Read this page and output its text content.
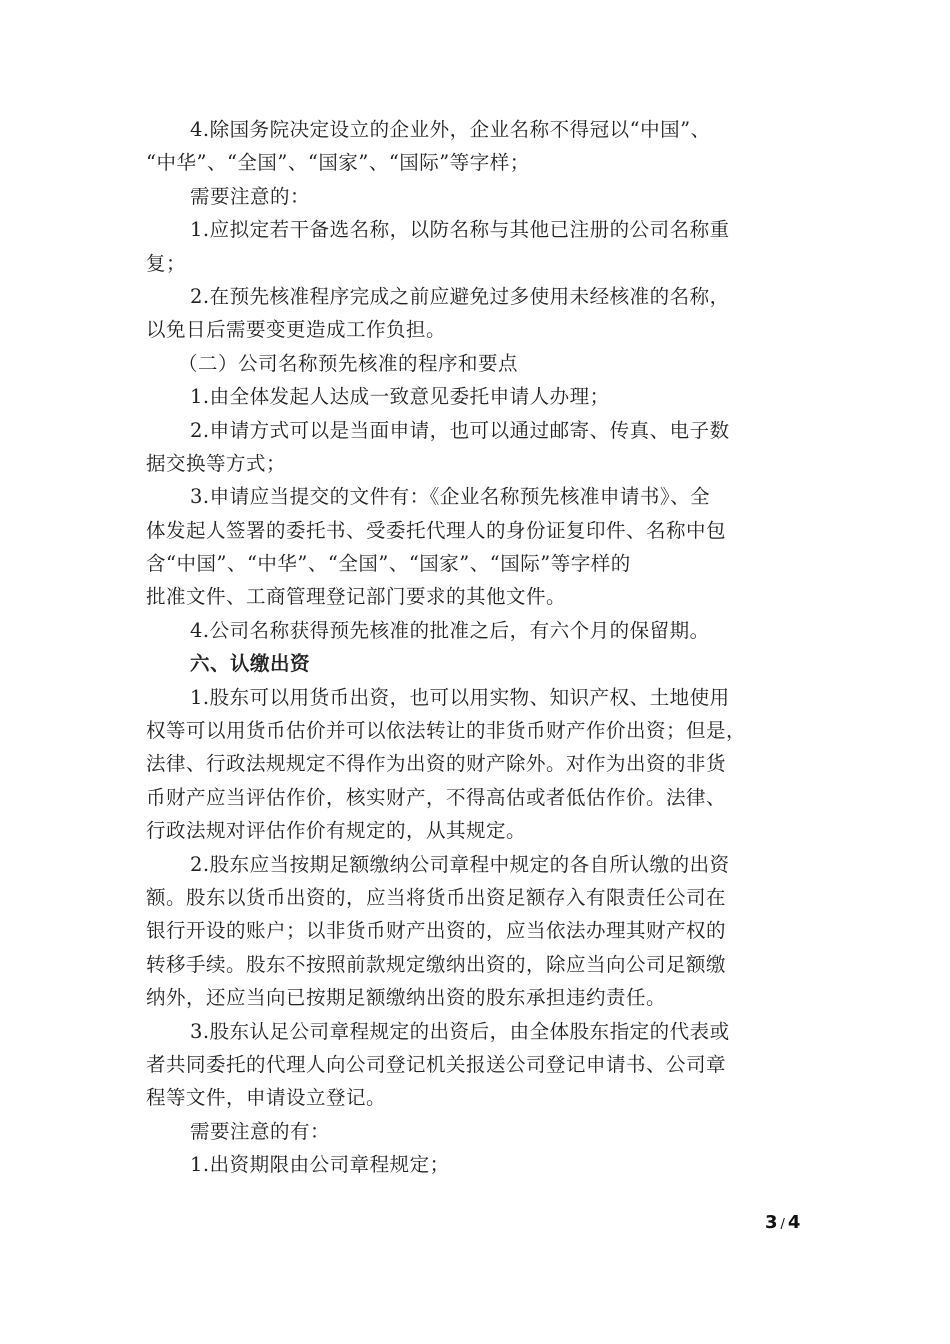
4.除国务院决定设立的企业外，企业名称不得冠以“中国”、
“中华”、“全国”、“国家”、“国际”等字样；
需要注意的：
1.应拟定若干备选名称，以防名称与其他已注册的公司名称重
复；
2.在预先核准程序完成之前应避免过多使用未经核准的名称，
以免日后需要变更造成工作负担。
（二）公司名称预先核准的程序和要点
1.由全体发起人达成一致意见委托申请人办理；
2.申请方式可以是当面申请，也可以通过邮寄、传真、电子数
据交换等方式；
3.申请应当提交的文件有：《企业名称预先核准申请书》、全
体发起人签署的委托书、受委托代理人的身份证复印件、名称中包
含“中国”、“中华”、“全国”、“国家”、“国际”等字样的
批准文件、工商管理登记部门要求的其他文件。
4.公司名称获得预先核准的批准之后，有六个月的保留期。
六、认缴出资
1.股东可以用货币出资，也可以用实物、知识产权、土地使用
权等可以用货币估价并可以依法转让的非货币财产作价出资；但是，
法律、行政法规规定不得作为出资的财产除外。对作为出资的非货
币财产应当评估作价，核实财产，不得高估或者低估作价。法律、
行政法规对评估作价有规定的，从其规定。
2.股东应当按期足额缴纳公司章程中规定的各自所认缴的出资
额。股东以货币出资的，应当将货币出资足额存入有限责任公司在
银行开设的账户；以非货币财产出资的，应当依法办理其财产权的
转移手续。股东不按照前款规定缴纳出资的，除应当向公司足额缴
纳外，还应当向已按期足额缴纳出资的股东承担违约责任。
3.股东认足公司章程规定的出资后，由全体股东指定的代表或
者共同委托的代理人向公司登记机关报送公司登记申请书、公司章
程等文件，申请设立登记。
需要注意的有：
1.出资期限由公司章程规定；
3 / 4
